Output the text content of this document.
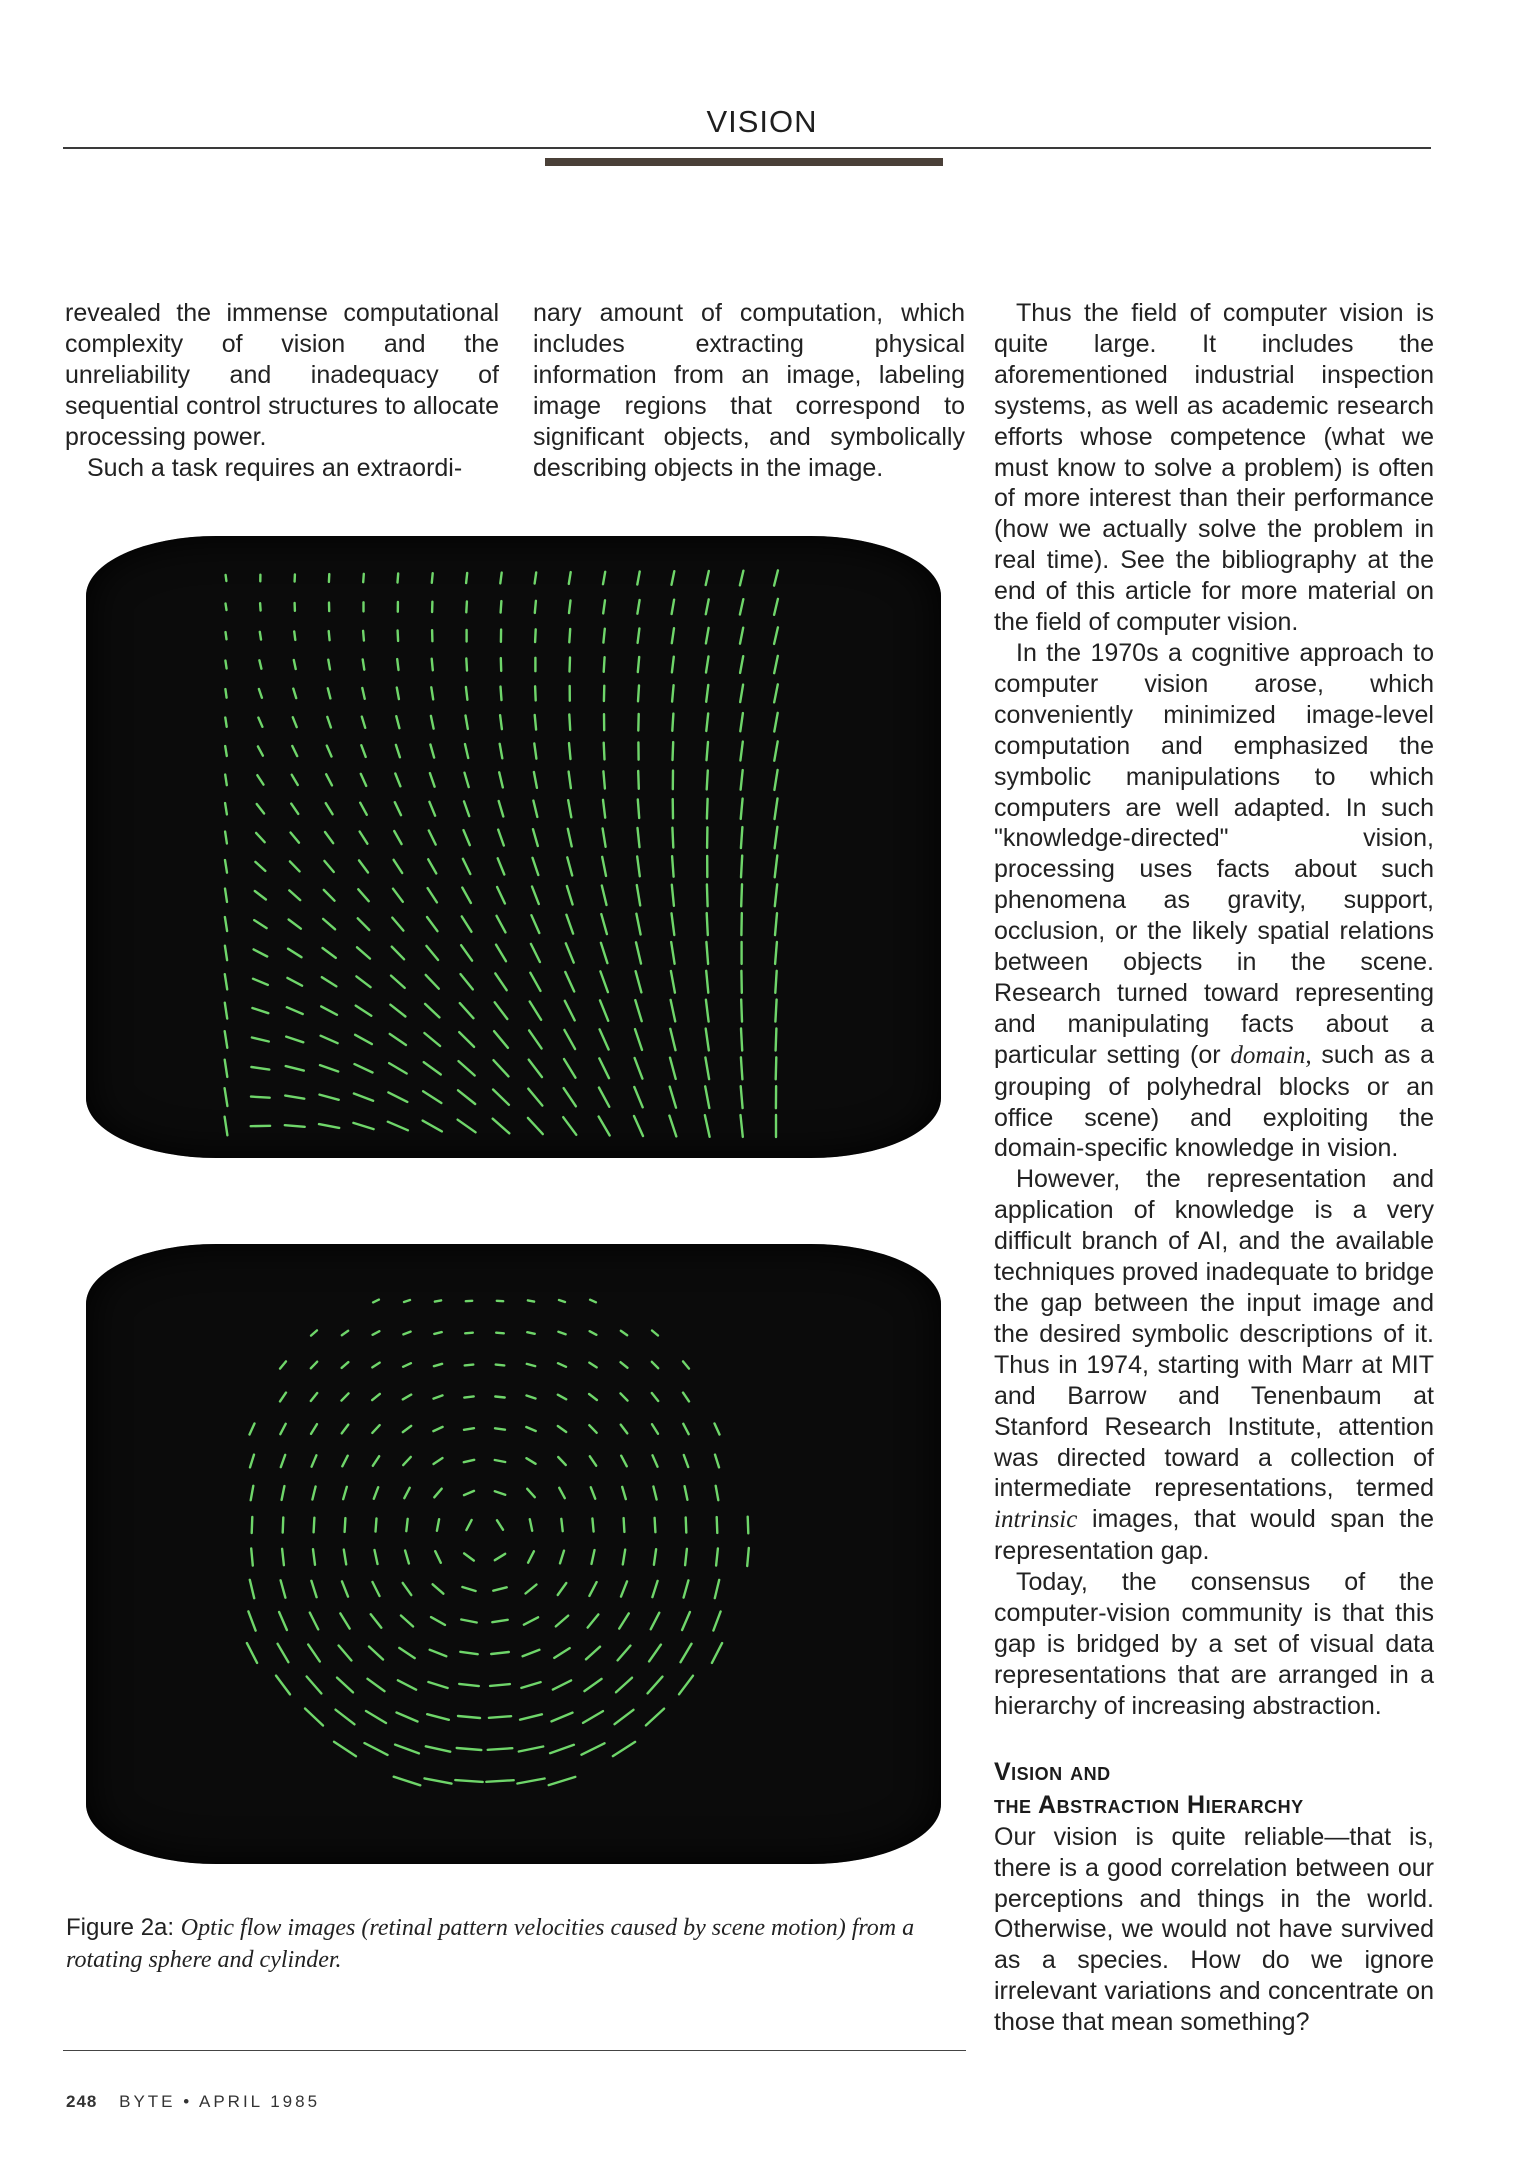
VISION

revealed the immense computational complexity of vision and the unreliability and inadequacy of sequential control structures to allocate processing power.

Such a task requires an extraordi-

nary amount of computation, which includes extracting physical information from an image, labeling image regions that correspond to significant objects, and symbolically describing objects in the image.

Thus the field of computer vision is quite large. It includes the aforementioned industrial inspection systems, as well as academic research efforts whose competence (what we must know to solve a problem) is often of more interest than their performance (how we actually solve the problem in real time). See the bibliography at the end of this article for more material on the field of computer vision.

In the 1970s a cognitive approach to computer vision arose, which conveniently minimized image-level computation and emphasized the symbolic manipulations to which computers are well adapted. In such "knowledge-directed" vision, processing uses facts about such phenomena as gravity, support, occlusion, or the likely spatial relations between objects in the scene. Research turned toward representing and manipulating facts about a particular setting (or domain, such as a grouping of polyhedral blocks or an office scene) and exploiting the domain-specific knowledge in vision.

However, the representation and application of knowledge is a very difficult branch of AI, and the available techniques proved inadequate to bridge the gap between the input image and the desired symbolic descriptions of it. Thus in 1974, starting with Marr at MIT and Barrow and Tenenbaum at Stanford Research Institute, attention was directed toward a collection of intermediate representations, termed intrinsic images, that would span the representation gap.

Today, the consensus of the computer-vision community is that this gap is bridged by a set of visual data representations that are arranged in a hierarchy of increasing abstraction.

Vision and
the Abstraction Hierarchy

Our vision is quite reliable—that is, there is a good correlation between our perceptions and things in the world. Otherwise, we would not have survived as a species. How do we ignore irrelevant variations and concentrate on those that mean something?

Figure 2a: Optic flow images (retinal pattern velocities caused by scene motion) from a rotating sphere and cylinder.
248 BYTE • APRIL 1985
